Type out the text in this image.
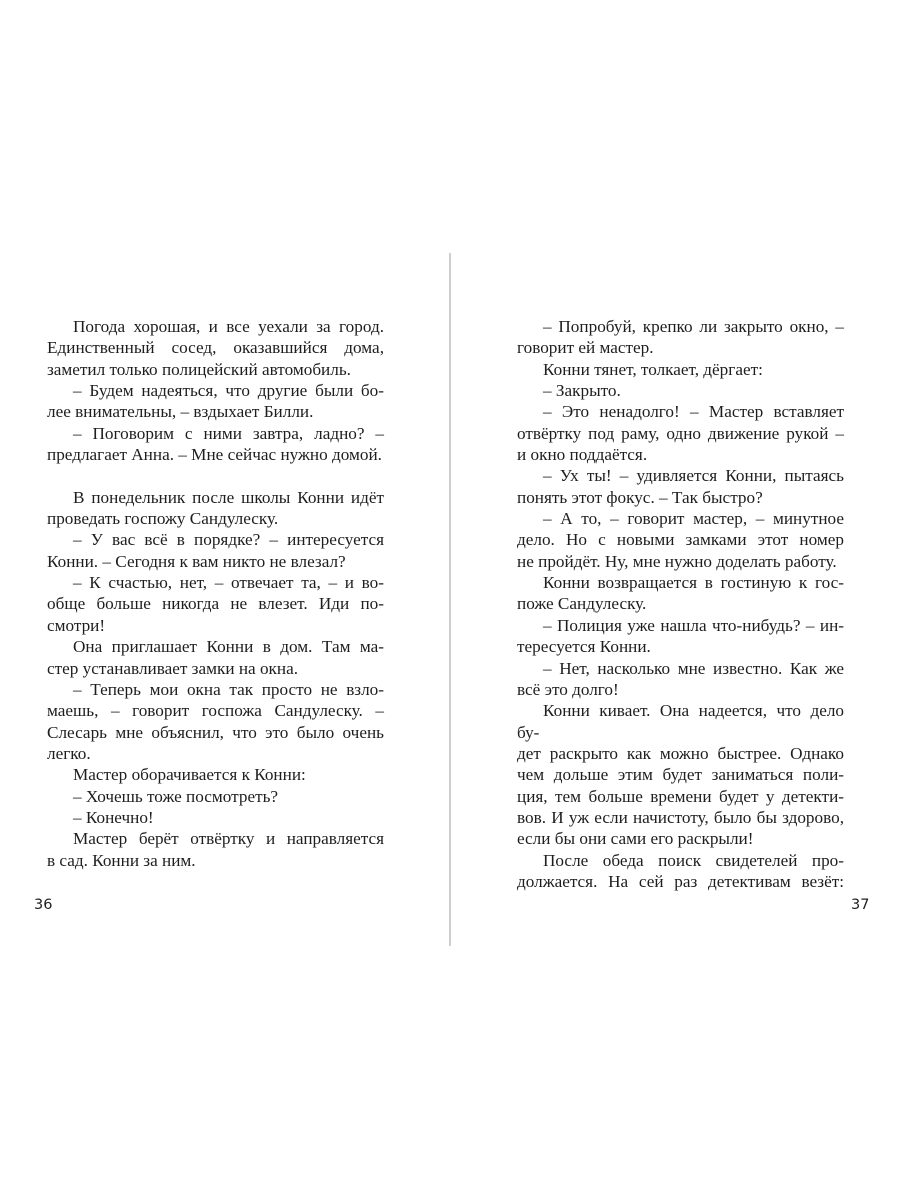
Погода хорошая, и все уехали за город.
Единственный сосед, оказавшийся дома,
заметил только полицейский автомобиль.

– Будем надеяться, что другие были бо-
лее внимательны, – вздыхает Билли.

– Поговорим с ними завтра, ладно? –
предлагает Анна. – Мне сейчас нужно домой.

В понедельник после школы Конни идёт
проведать госпожу Сандулеску.

– У вас всё в порядке? – интересуется
Конни. – Сегодня к вам никто не влезал?

– К счастью, нет, – отвечает та, – и во-
обще больше никогда не влезет. Иди по-
смотри!

Она приглашает Конни в дом. Там ма-
стер устанавливает замки на окна.

– Теперь мои окна так просто не взло-
маешь, – говорит госпожа Сандулеску. –
Слесарь мне объяснил, что это было очень
легко.

Мастер оборачивается к Конни:

– Хочешь тоже посмотреть?

– Конечно!

Мастер берёт отвёртку и направляется
в сад. Конни за ним.

36

– Попробуй, крепко ли закрыто окно, –
говорит ей мастер.

Конни тянет, толкает, дёргает:

– Закрыто.

– Это ненадолго! – Мастер вставляет
отвёртку под раму, одно движение рукой –
и окно поддаётся.

– Ух ты! – удивляется Конни, пытаясь
понять этот фокус. – Так быстро?

– А то, – говорит мастер, – минутное
дело. Но с новыми замками этот номер
не пройдёт. Ну, мне нужно доделать работу.

Конни возвращается в гостиную к гос-
поже Сандулеску.

– Полиция уже нашла что-нибудь? – ин-
тересуется Конни.

– Нет, насколько мне известно. Как же
всё это долго!

Конни кивает. Она надеется, что дело бу-
дет раскрыто как можно быстрее. Однако
чем дольше этим будет заниматься поли-
ция, тем больше времени будет у детекти-
вов. И уж если начистоту, было бы здорово,
если бы они сами его раскрыли!

После обеда поиск свидетелей про-
должается. На сей раз детективам везёт:

37
